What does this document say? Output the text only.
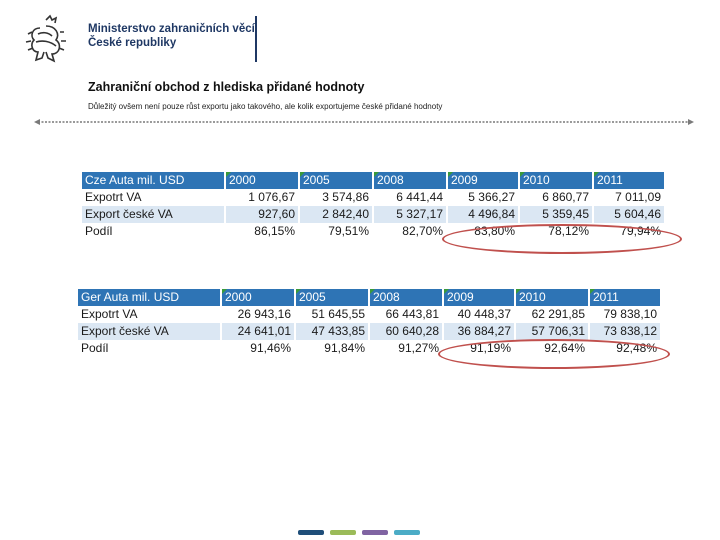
Ministerstvo zahraničních věcí
České republiky
Zahraniční obchod z hlediska přidané hodnoty
Důležitý ovšem není pouze růst exportu jako takového, ale kolik exportujeme české přidané hodnoty
Cze Auta mil. USD	2000	2005	2008	2009	2010	2011
Expotrt VA	1 076,67	3 574,86	6 441,44	5 366,27	6 860,77	7 011,09
Export české VA	927,60	2 842,40	5 327,17	4 496,84	5 359,45	5 604,46
Podíl	86,15%	79,51%	82,70%	83,80%	78,12%	79,94%
Ger Auta mil. USD	2000	2005	2008	2009	2010	2011
Expotrt VA	26 943,16	51 645,55	66 443,81	40 448,37	62 291,85	79 838,10
Export české VA	24 641,01	47 433,85	60 640,28	36 884,27	57 706,31	73 838,12
Podíl	91,46%	91,84%	91,27%	91,19%	92,64%	92,48%
